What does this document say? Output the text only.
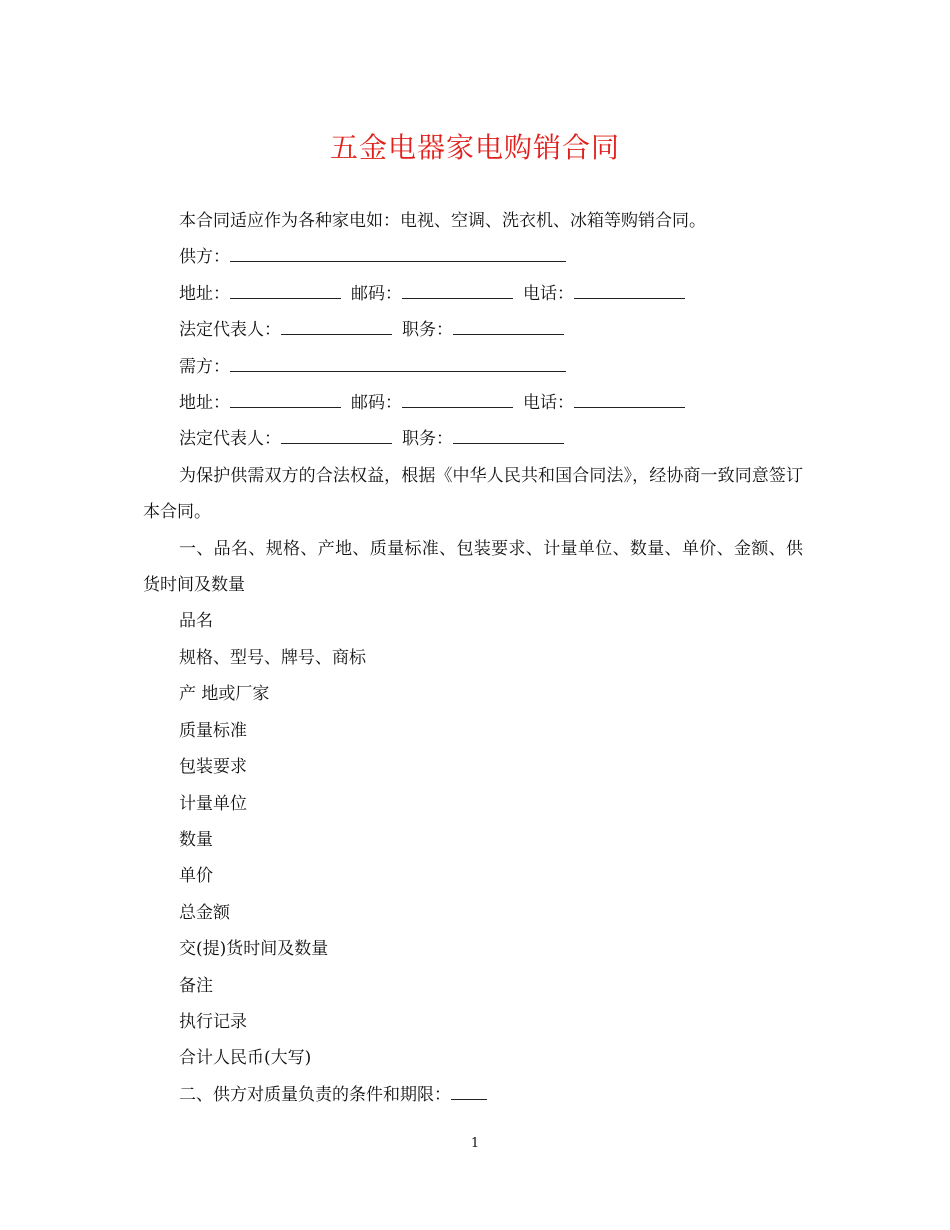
五金电器家电购销合同

本合同适应作为各种家电如：电视、空调、洗衣机、冰箱等购销合同。

供方：

地址：	邮码：	电话：

法定代表人：	职务：

需方：

地址：	邮码：	电话：

法定代表人：	职务：

为保护供需双方的合法权益，根据《中华人民共和国合同法》，经协商一致同意签订本合同。

一、品名、规格、产地、质量标准、包装要求、计量单位、数量、单价、金额、供货时间及数量

品名

规格、型号、牌号、商标

产 地或厂家

质量标准

包装要求

计量单位

数量

单价

总金额

交(提)货时间及数量

备注

执行记录

合计人民币(大写)

二、供方对质量负责的条件和期限：

1
